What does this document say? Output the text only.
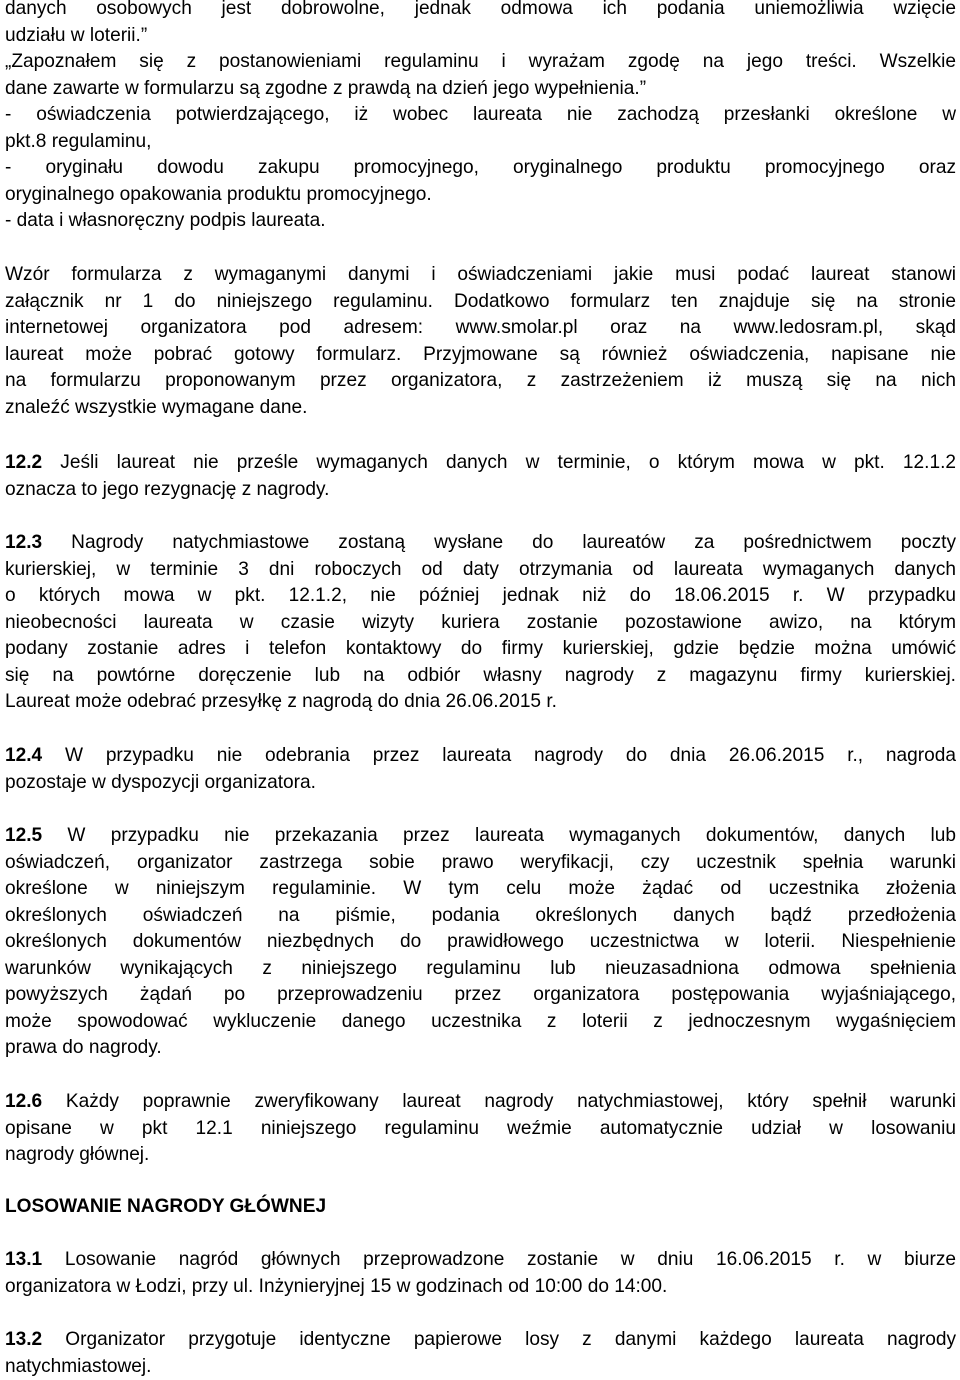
danych osobowych jest dobrowolne, jednak odmowa ich podania uniemożliwia wzięcie
udziału w loterii.”
„Zapoznałem się z postanowieniami regulaminu i wyrażam zgodę na jego treści. Wszelkie
dane zawarte w formularzu są zgodne z prawdą na dzień jego wypełnienia.”
- oświadczenia potwierdzającego, iż wobec laureata nie zachodzą przesłanki określone w
pkt.8 regulaminu,
- oryginału dowodu zakupu promocyjnego, oryginalnego produktu promocyjnego oraz
oryginalnego opakowania produktu promocyjnego.
- data i własnoręczny podpis laureata.
Wzór formularza z wymaganymi danymi i oświadczeniami jakie musi podać laureat stanowi
załącznik nr 1 do niniejszego regulaminu. Dodatkowo formularz ten znajduje się na stronie
internetowej organizatora pod adresem: www.smolar.pl oraz na www.ledosram.pl, skąd
laureat może pobrać gotowy formularz. Przyjmowane są również oświadczenia, napisane nie
na formularzu proponowanym przez organizatora, z zastrzeżeniem iż muszą się na nich
znaleźć wszystkie wymagane dane.
12.2 Jeśli laureat nie prześle wymaganych danych w terminie, o którym mowa w pkt. 12.1.2
oznacza to jego rezygnację z nagrody.
12.3 Nagrody natychmiastowe zostaną wysłane do laureatów za pośrednictwem poczty
kurierskiej, w terminie 3 dni roboczych od daty otrzymania od laureata wymaganych danych
o których mowa w pkt. 12.1.2, nie później jednak niż do 18.06.2015 r. W przypadku
nieobecności laureata w czasie wizyty kuriera zostanie pozostawione awizo, na którym
podany zostanie adres i telefon kontaktowy do firmy kurierskiej, gdzie będzie można umówić
się na powtórne doręczenie lub na odbiór własny nagrody z magazynu firmy kurierskiej.
Laureat może odebrać przesyłkę z nagrodą do dnia 26.06.2015 r.
12.4 W przypadku nie odebrania przez laureata nagrody do dnia 26.06.2015 r., nagroda
pozostaje w dyspozycji organizatora.
12.5 W przypadku nie przekazania przez laureata wymaganych dokumentów, danych lub
oświadczeń, organizator zastrzega sobie prawo weryfikacji, czy uczestnik spełnia warunki
określone w niniejszym regulaminie. W tym celu może żądać od uczestnika złożenia
określonych oświadczeń na piśmie, podania określonych danych bądź przedłożenia
określonych dokumentów niezbędnych do prawidłowego uczestnictwa w loterii. Niespełnienie
warunków wynikających z niniejszego regulaminu lub nieuzasadniona odmowa spełnienia
powyższych żądań po przeprowadzeniu przez organizatora postępowania wyjaśniającego,
może spowodować wykluczenie danego uczestnika z loterii z jednoczesnym wygaśnięciem
prawa do nagrody.
12.6 Każdy poprawnie zweryfikowany laureat nagrody natychmiastowej, który spełnił warunki
opisane w pkt 12.1 niniejszego regulaminu weźmie automatycznie udział w losowaniu
nagrody głównej.
LOSOWANIE NAGRODY GŁÓWNEJ
13.1 Losowanie nagród głównych przeprowadzone zostanie w dniu 16.06.2015 r. w biurze
organizatora w Łodzi, przy ul. Inżynieryjnej 15 w godzinach od 10:00 do 14:00.
13.2 Organizator przygotuje identyczne papierowe losy z danymi każdego laureata nagrody
natychmiastowej.
